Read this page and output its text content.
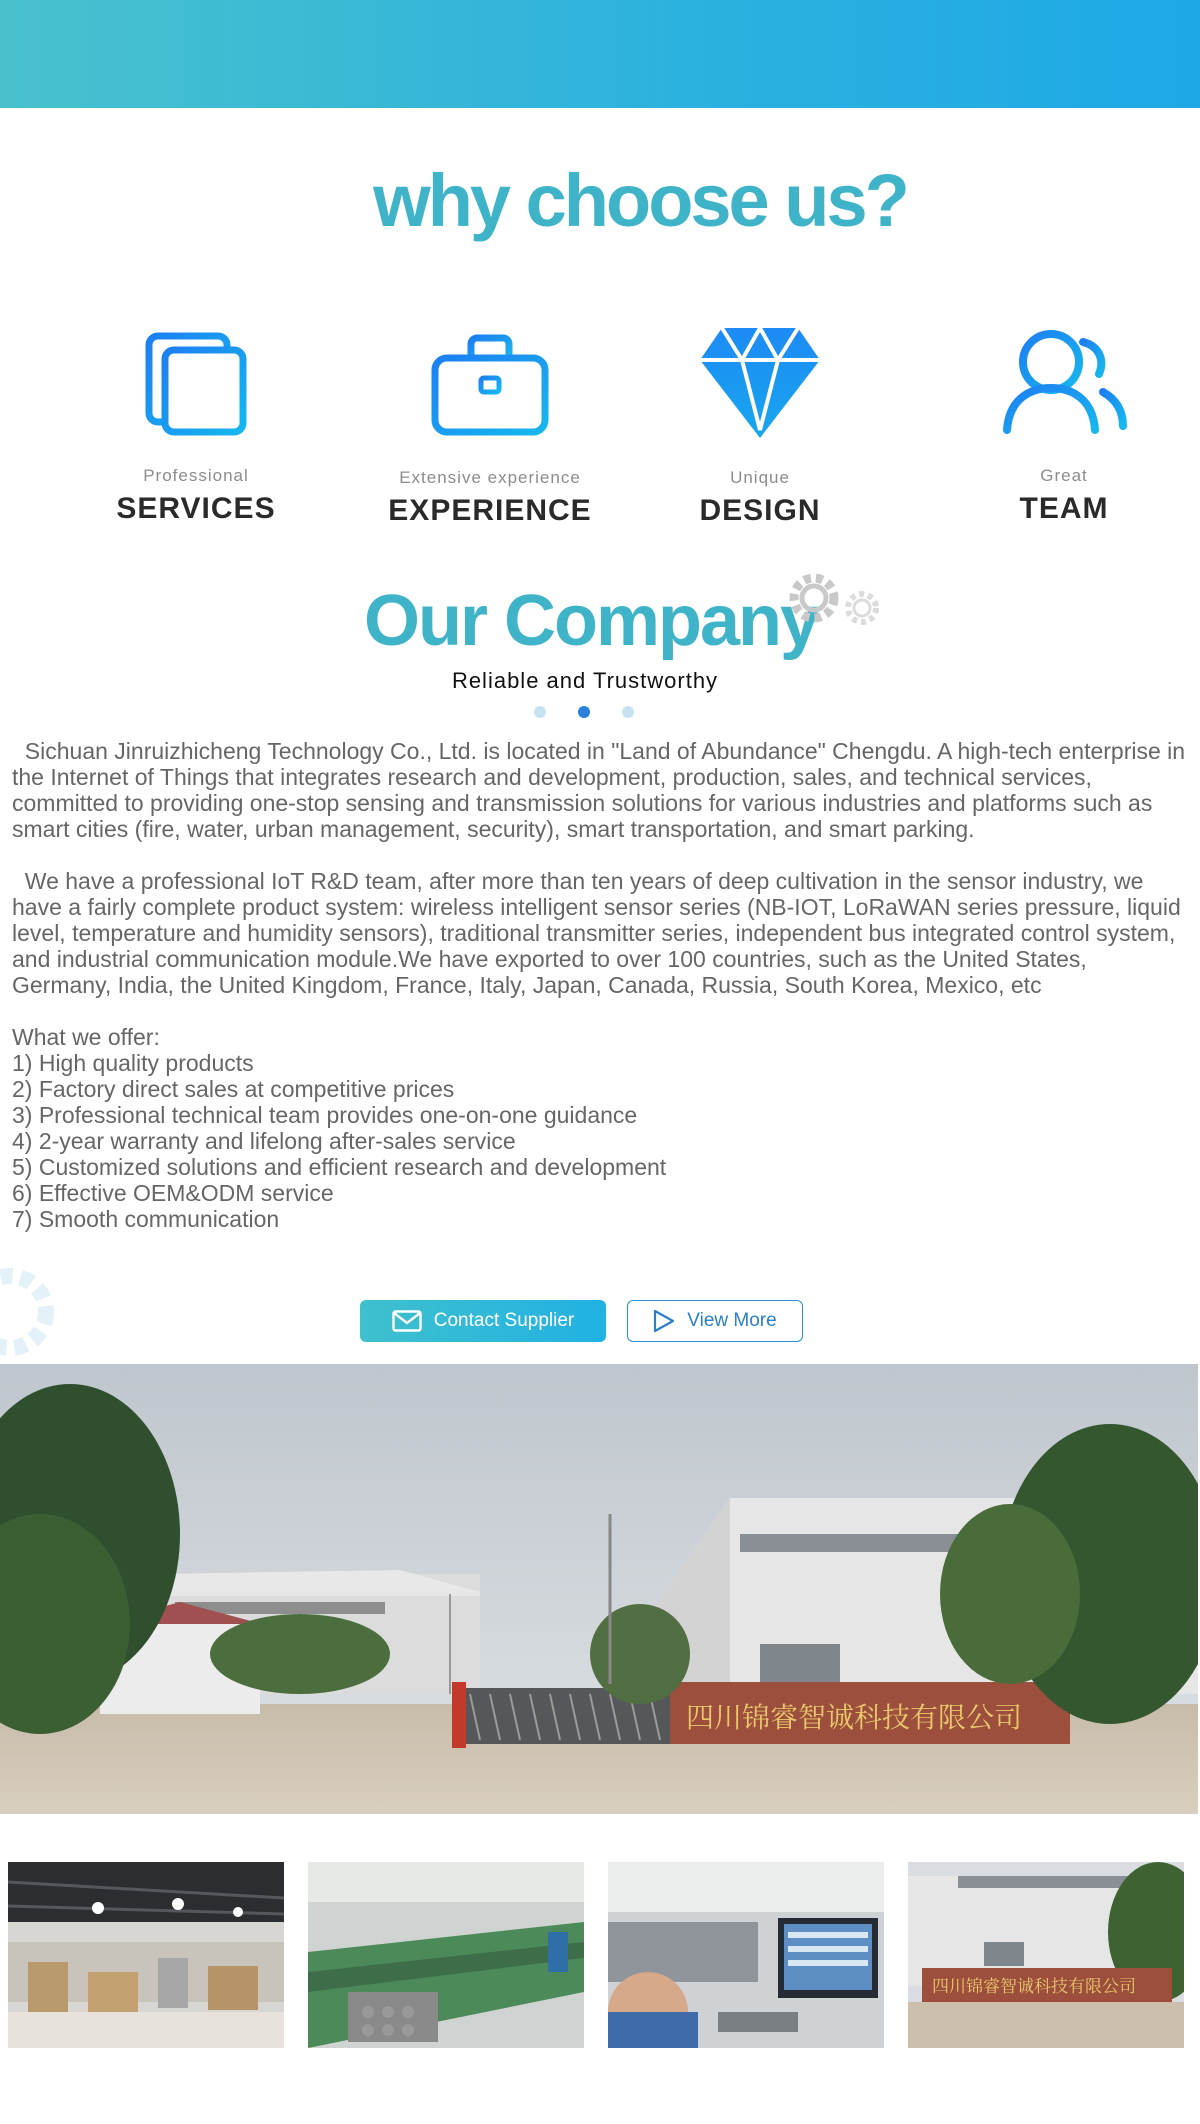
why choose us?
Professional
SERVICES
Extensive experience
EXPERIENCE
Unique
DESIGN
Great
TEAM
Our Company
Reliable and Trustworthy

Sichuan Jinruizhicheng Technology Co., Ltd. is located in "Land of Abundance" Chengdu. A high-tech enterprise in the Internet of Things that integrates research and development, production, sales, and technical services, committed to providing one-stop sensing and transmission solutions for various industries and platforms such as smart cities (fire, water, urban management, security), smart transportation, and smart parking.

We have a professional IoT R&D team, after more than ten years of deep cultivation in the sensor industry, we have a fairly complete product system: wireless intelligent sensor series (NB-IOT, LoRaWAN series pressure, liquid level, temperature and humidity sensors), traditional transmitter series, independent bus integrated control system, and industrial communication module.We have exported to over 100 countries, such as the United States, Germany, India, the United Kingdom, France, Italy, Japan, Canada, Russia, South Korea, Mexico, etc

What we offer:
1) High quality products
2) Factory direct sales at competitive prices
3) Professional technical team provides one-on-one guidance
4) 2-year warranty and lifelong after-sales service
5) Customized solutions and efficient research and development
6) Effective OEM&ODM service
7) Smooth communication
Contact Supplier	View More
四川锦睿智诚科技有限公司
四川锦睿智诚科技有限公司
